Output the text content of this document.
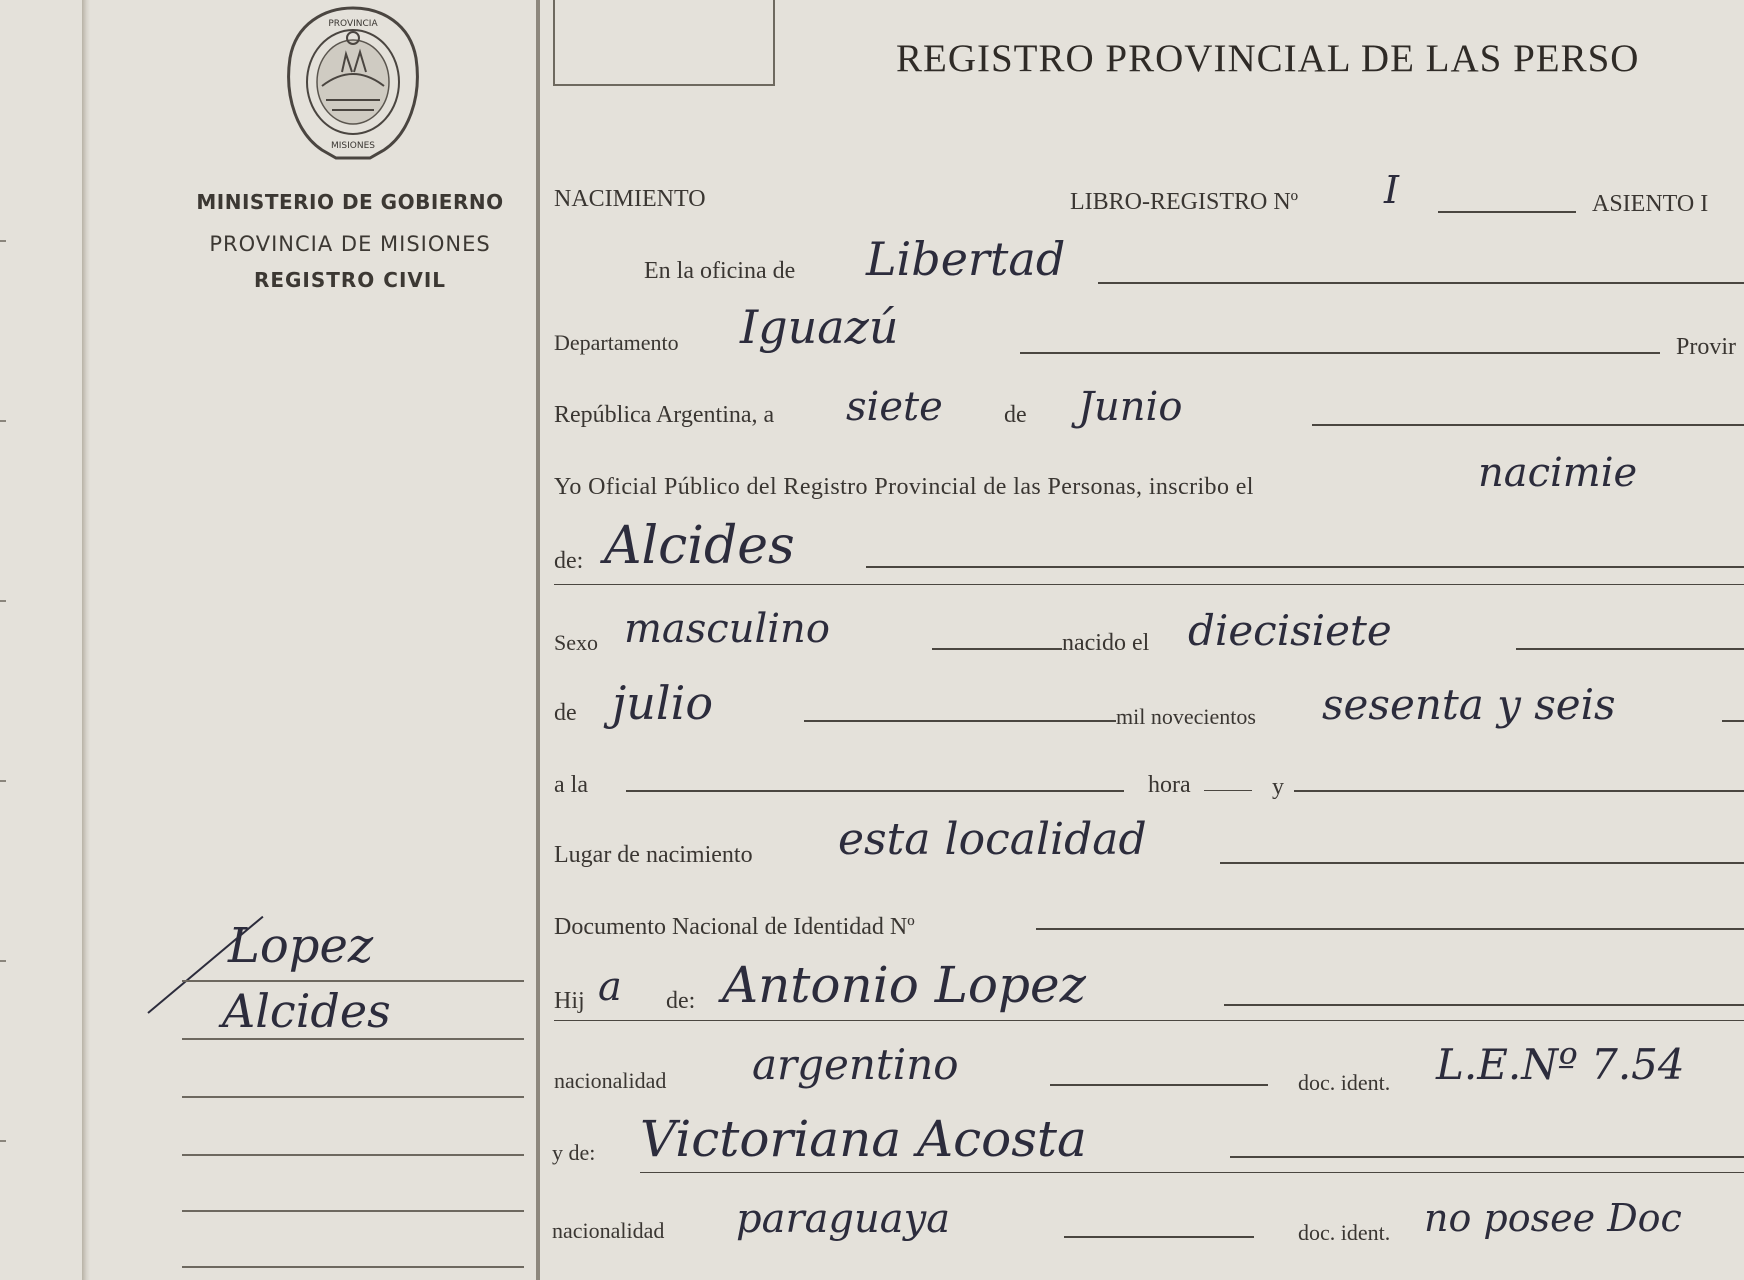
PROVINCIA
MISIONES
MINISTERIO DE GOBIERNO
PROVINCIA DE MISIONES
REGISTRO CIVIL
REGISTRO PROVINCIAL DE LAS PERSO
NACIMIENTO	LIBRO-REGISTRO Nº I	ASIENTO I
En la oficina de Libertad
Departamento Iguazú	Provir
República Argentina, a siete	de Junio
Yo Oficial Público del Registro Provincial de las Personas, inscribo el	nacimie
de: Alcides
Sexo masculino	nacido el diecisiete
de julio	mil novecientos sesenta y seis
a la	hora	y
Lugar de nacimiento esta localidad
Documento Nacional de Identidad Nº
Hij a de: Antonio Lopez
nacionalidad argentino	doc. ident. L.E.Nº 7.54
y de: Victoriana Acosta
nacionalidad paraguaya	doc. ident. no posee Doc
Lopez
Alcides
